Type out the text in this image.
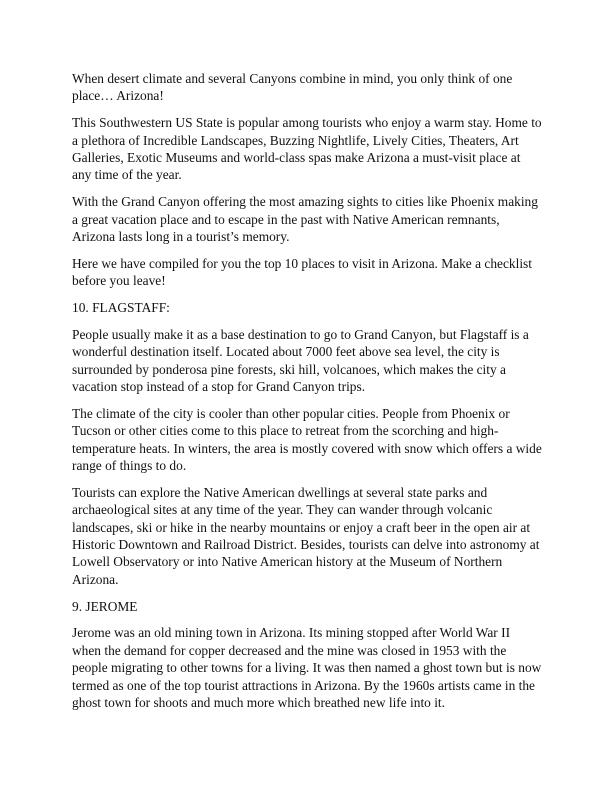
When desert climate and several Canyons combine in mind, you only think of one place… Arizona!

This Southwestern US State is popular among tourists who enjoy a warm stay. Home to a plethora of Incredible Landscapes, Buzzing Nightlife, Lively Cities, Theaters, Art Galleries, Exotic Museums and world-class spas make Arizona a must-visit place at any time of the year.

With the Grand Canyon offering the most amazing sights to cities like Phoenix making a great vacation place and to escape in the past with Native American remnants, Arizona lasts long in a tourist’s memory.

Here we have compiled for you the top 10 places to visit in Arizona. Make a checklist before you leave!

10. FLAGSTAFF:

People usually make it as a base destination to go to Grand Canyon, but Flagstaff is a wonderful destination itself. Located about 7000 feet above sea level, the city is surrounded by ponderosa pine forests, ski hill, volcanoes, which makes the city a vacation stop instead of a stop for Grand Canyon trips.

The climate of the city is cooler than other popular cities. People from Phoenix or Tucson or other cities come to this place to retreat from the scorching and high-temperature heats. In winters, the area is mostly covered with snow which offers a wide range of things to do.

Tourists can explore the Native American dwellings at several state parks and archaeological sites at any time of the year. They can wander through volcanic landscapes, ski or hike in the nearby mountains or enjoy a craft beer in the open air at Historic Downtown and Railroad District. Besides, tourists can delve into astronomy at Lowell Observatory or into Native American history at the Museum of Northern Arizona.

9. JEROME

Jerome was an old mining town in Arizona. Its mining stopped after World War II when the demand for copper decreased and the mine was closed in 1953 with the people migrating to other towns for a living. It was then named a ghost town but is now termed as one of the top tourist attractions in Arizona. By the 1960s artists came in the ghost town for shoots and much more which breathed new life into it.
